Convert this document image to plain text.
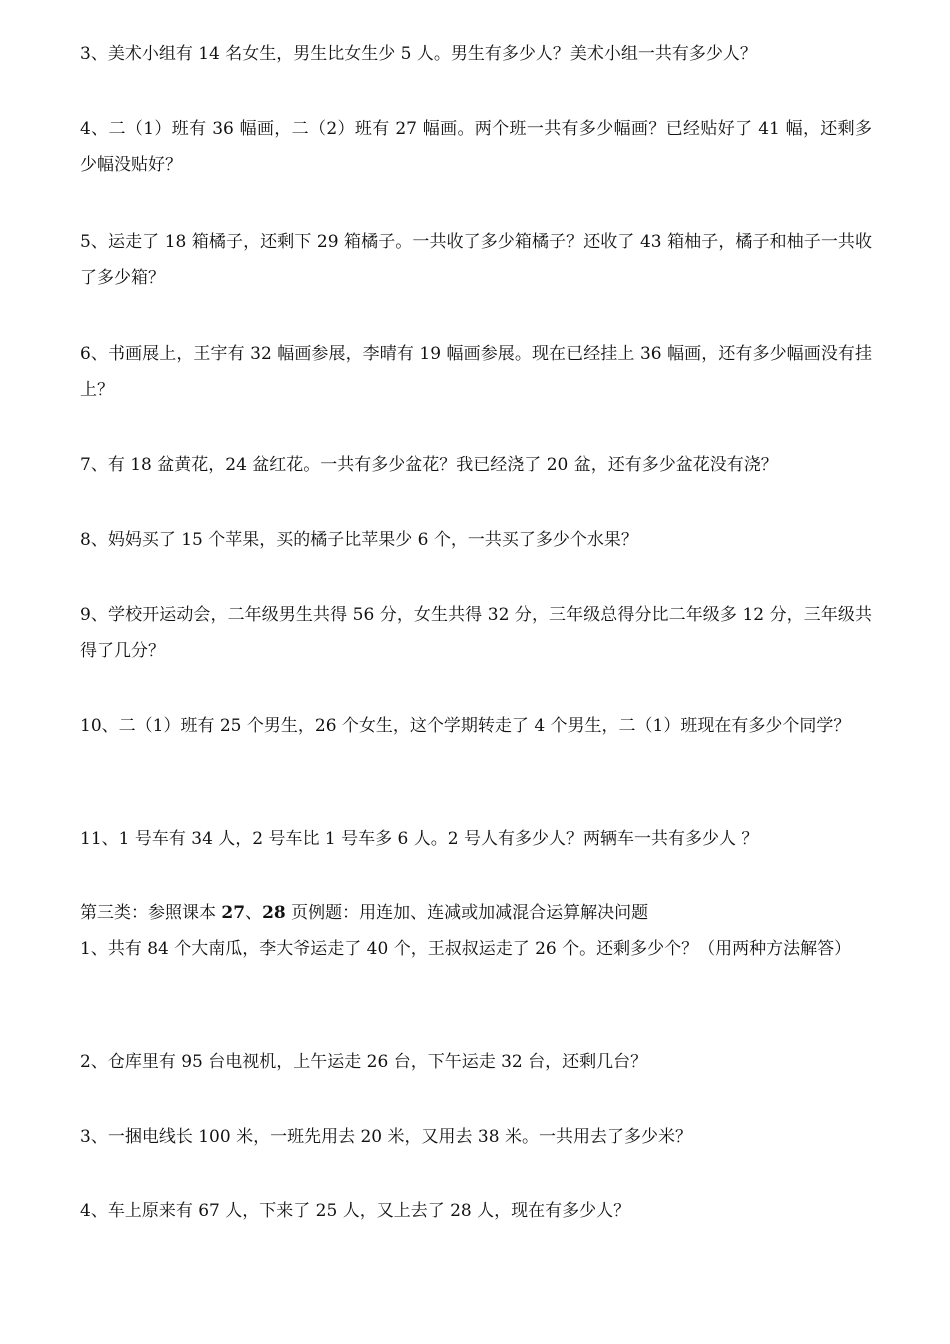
3、美术小组有 14 名女生，男生比女生少 5 人。男生有多少人？美术小组一共有多少人？

4、二（1）班有 36 幅画，二（2）班有 27 幅画。两个班一共有多少幅画？已经贴好了 41 幅，还剩多少幅没贴好？

5、运走了 18 箱橘子，还剩下 29 箱橘子。一共收了多少箱橘子？还收了 43 箱柚子，橘子和柚子一共收了多少箱？

6、书画展上，王宇有 32 幅画参展，李晴有 19 幅画参展。现在已经挂上 36 幅画，还有多少幅画没有挂上？

7、有 18 盆黄花，24 盆红花。一共有多少盆花？我已经浇了 20 盆，还有多少盆花没有浇？

8、妈妈买了 15 个苹果，买的橘子比苹果少 6 个，一共买了多少个水果？

9、学校开运动会，二年级男生共得 56 分，女生共得 32 分，三年级总得分比二年级多 12 分，三年级共得了几分？

10、二（1）班有 25 个男生，26 个女生，这个学期转走了 4 个男生，二（1）班现在有多少个同学？

11、1 号车有 34 人，2 号车比 1 号车多 6 人。2 号人有多少人？两辆车一共有多少人 ？

第三类：参照课本 27、28 页例题：用连加、连减或加减混合运算解决问题

1、共有 84 个大南瓜，李大爷运走了 40 个，王叔叔运走了 26 个。还剩多少个？（用两种方法解答）

2、仓库里有 95 台电视机，上午运走 26 台，下午运走 32 台，还剩几台？

3、一捆电线长 100 米，一班先用去 20 米，又用去 38 米。一共用去了多少米？

4、车上原来有 67 人，下来了 25 人，又上去了 28 人，现在有多少人？
